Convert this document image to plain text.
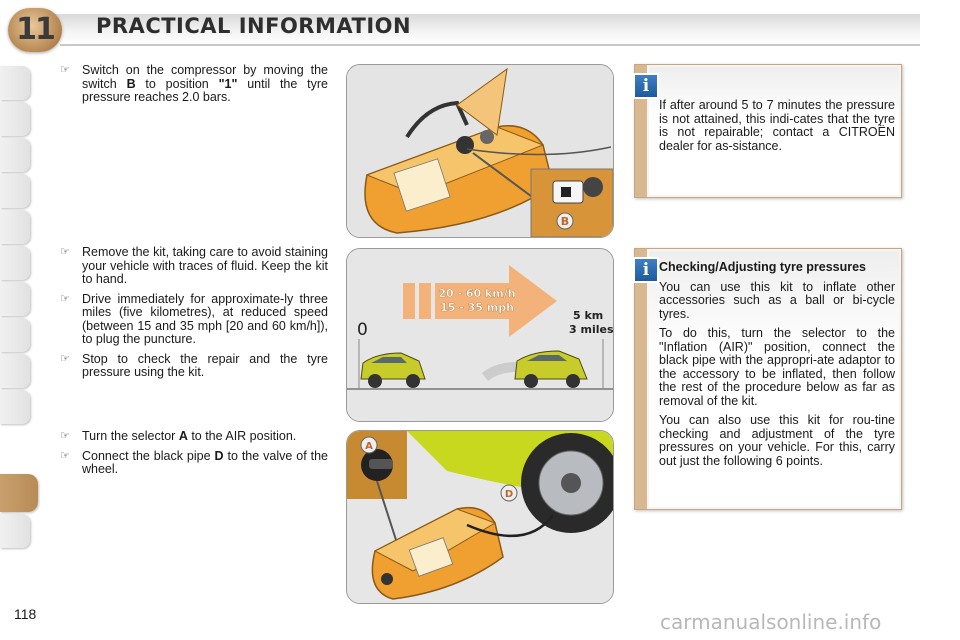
11	PRACTICAL INFORMATION

☞ Switch on the compressor by moving the switch B to position "1" until the tyre pressure reaches 2.0 bars.

☞ Remove the kit, taking care to avoid staining your vehicle with traces of fluid. Keep the kit to hand.

☞ Drive immediately for approximate-ly three miles (five kilometres), at reduced speed (between 15 and 35 mph [20 and 60 km/h]), to plug the puncture.

☞ Stop to check the repair and the tyre pressure using the kit.

☞ Turn the selector A to the AIR position.

☞ Connect the black pipe D to the valve of the wheel.

B
20 - 60 km/h
15 - 35 mph
0
5 km
3 miles
A
D
i
If after around 5 to 7 minutes the pressure is not attained, this indi-cates that the tyre is not repairable; contact a CITROËN dealer for as-sistance.
i Checking/Adjusting tyre pressures

You can use this kit to inflate other accessories such as a ball or bi-cycle tyres.

To do this, turn the selector to the "Inflation (AIR)" position, connect the black pipe with the appropri-ate adaptor to the accessory to be inflated, then follow the rest of the procedure below as far as removal of the kit.

You can also use this kit for rou-tine checking and adjustment of the tyre pressures on your vehicle. For this, carry out just the following 6 points.

118	carmanualsonline.info
